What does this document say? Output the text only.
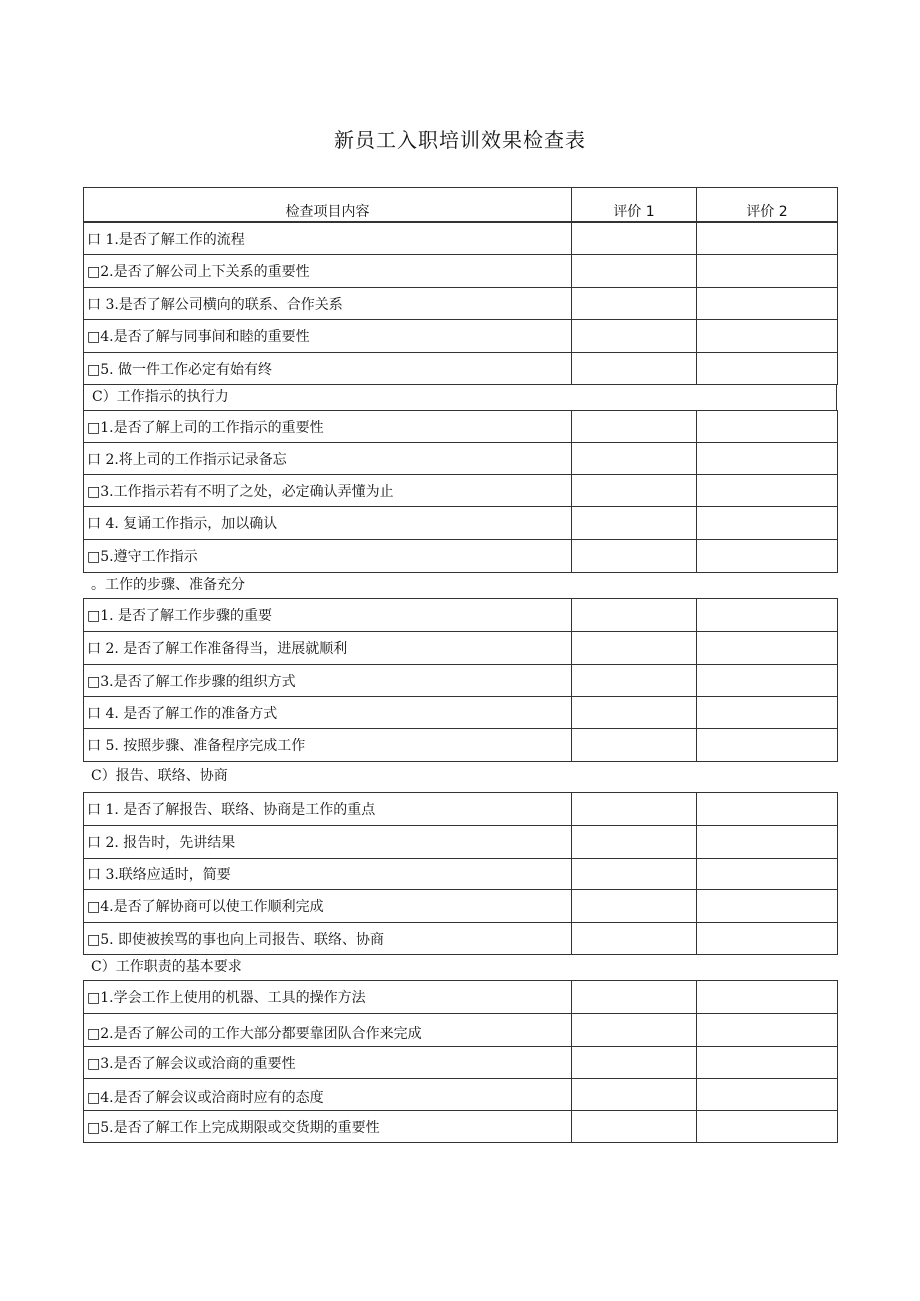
新员工入职培训效果检查表
检查项目内容	评价 1	评价 2
口 1.是否了解工作的流程		
□2.是否了解公司上下关系的重要性		
口 3.是否了解公司横向的联系、合作关系		
□4.是否了解与同事间和睦的重要性		
□5. 做一件工作必定有始有终		
C）工作指示的执行力
□1.是否了解上司的工作指示的重要性		
口 2.将上司的工作指示记录备忘		
□3.工作指示若有不明了之处，必定确认弄懂为止		
口 4. 复诵工作指示，加以确认		
□5.遵守工作指示		
。工作的步骤、准备充分
□1. 是否了解工作步骤的重要		
口 2. 是否了解工作准备得当，进展就顺利		
□3.是否了解工作步骤的组织方式		
口 4. 是否了解工作的准备方式		
口 5. 按照步骤、准备程序完成工作		
C）报告、联络、协商
口 1. 是否了解报告、联络、协商是工作的重点		
口 2. 报告时，先讲结果		
口 3.联络应适时，简要		
□4.是否了解协商可以使工作顺利完成		
□5. 即使被挨骂的事也向上司报告、联络、协商		
C）工作职责的基本要求
□1.学会工作上使用的机器、工具的操作方法		
□2.是否了解公司的工作大部分都要靠团队合作来完成		
□3.是否了解会议或洽商的重要性		
□4.是否了解会议或洽商时应有的态度		
□5.是否了解工作上完成期限或交货期的重要性		
